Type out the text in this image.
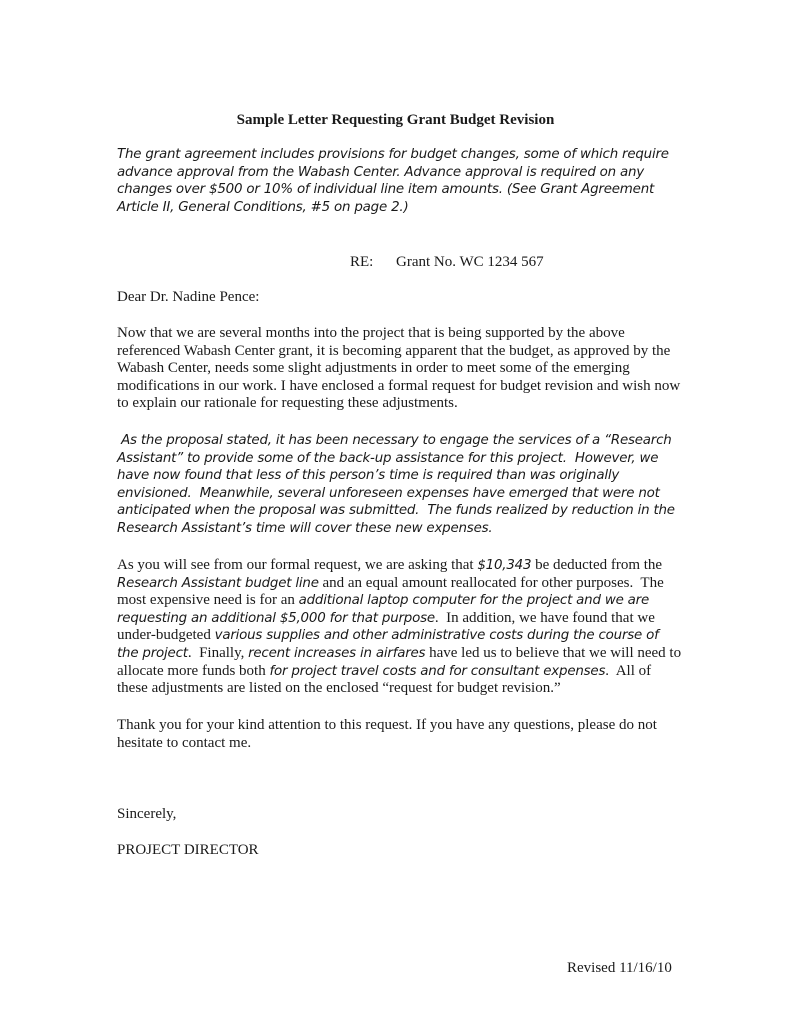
Sample Letter Requesting Grant Budget Revision

The grant agreement includes provisions for budget changes, some of which require advance approval from the Wabash Center. Advance approval is required on any changes over $500 or 10% of individual line item amounts. (See Grant Agreement Article II, General Conditions, #5 on page 2.)

RE: Grant No. WC 1234 567

Dear Dr. Nadine Pence:

Now that we are several months into the project that is being supported by the above referenced Wabash Center grant, it is becoming apparent that the budget, as approved by the Wabash Center, needs some slight adjustments in order to meet some of the emerging modifications in our work. I have enclosed a formal request for budget revision and wish now to explain our rationale for requesting these adjustments.

As the proposal stated, it has been necessary to engage the services of a “Research Assistant” to provide some of the back-up assistance for this project.  However, we have now found that less of this person’s time is required than was originally envisioned.  Meanwhile, several unforeseen expenses have emerged that were not anticipated when the proposal was submitted.  The funds realized by reduction in the Research Assistant’s time will cover these new expenses.

As you will see from our formal request, we are asking that $10,343 be deducted from the Research Assistant budget line and an equal amount reallocated for other purposes.  The most expensive need is for an additional laptop computer for the project and we are requesting an additional $5,000 for that purpose.  In addition, we have found that we under-budgeted various supplies and other administrative costs during the course of the project.  Finally, recent increases in airfares have led us to believe that we will need to allocate more funds both for project travel costs and for consultant expenses.  All of these adjustments are listed on the enclosed “request for budget revision.”

Thank you for your kind attention to this request. If you have any questions, please do not hesitate to contact me.

Sincerely,

PROJECT DIRECTOR

Revised 11/16/10
